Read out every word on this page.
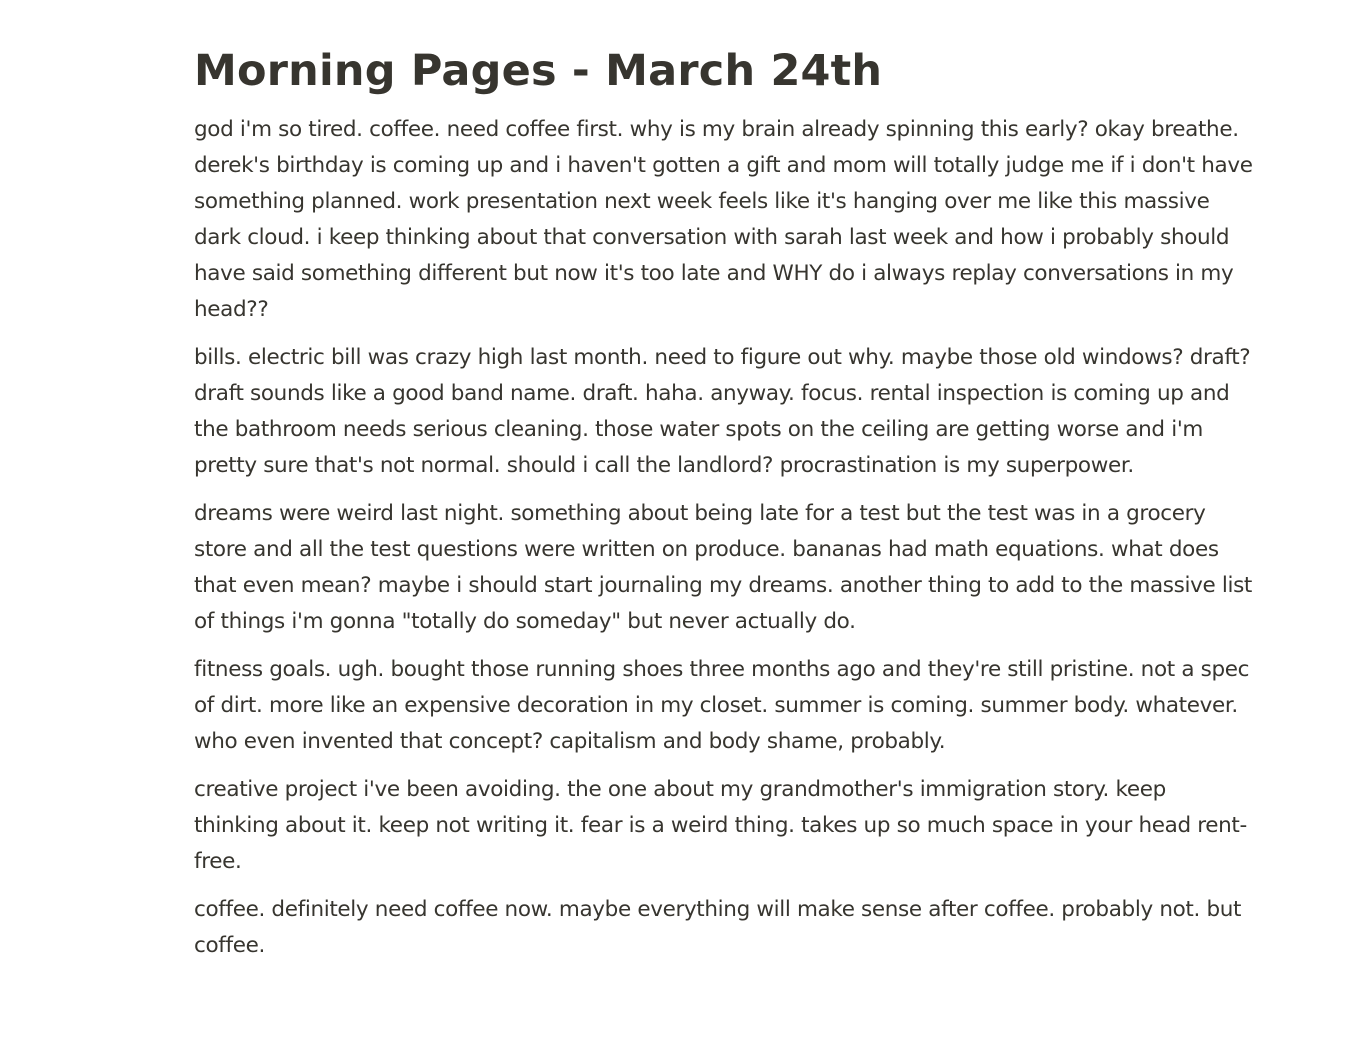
Morning Pages - March 24th

god i'm so tired. coffee. need coffee first. why is my brain already spinning this early? okay breathe. derek's birthday is coming up and i haven't gotten a gift and mom will totally judge me if i don't have something planned. work presentation next week feels like it's hanging over me like this massive dark cloud. i keep thinking about that conversation with sarah last week and how i probably should have said something different but now it's too late and WHY do i always replay conversations in my head??

bills. electric bill was crazy high last month. need to figure out why. maybe those old windows? draft? draft sounds like a good band name. draft. haha. anyway. focus. rental inspection is coming up and the bathroom needs serious cleaning. those water spots on the ceiling are getting worse and i'm pretty sure that's not normal. should i call the landlord? procrastination is my superpower.

dreams were weird last night. something about being late for a test but the test was in a grocery store and all the test questions were written on produce. bananas had math equations. what does that even mean? maybe i should start journaling my dreams. another thing to add to the massive list of things i'm gonna "totally do someday" but never actually do.

fitness goals. ugh. bought those running shoes three months ago and they're still pristine. not a spec of dirt. more like an expensive decoration in my closet. summer is coming. summer body. whatever. who even invented that concept? capitalism and body shame, probably.

creative project i've been avoiding. the one about my grandmother's immigration story. keep thinking about it. keep not writing it. fear is a weird thing. takes up so much space in your head rent-free.

coffee. definitely need coffee now. maybe everything will make sense after coffee. probably not. but coffee.
